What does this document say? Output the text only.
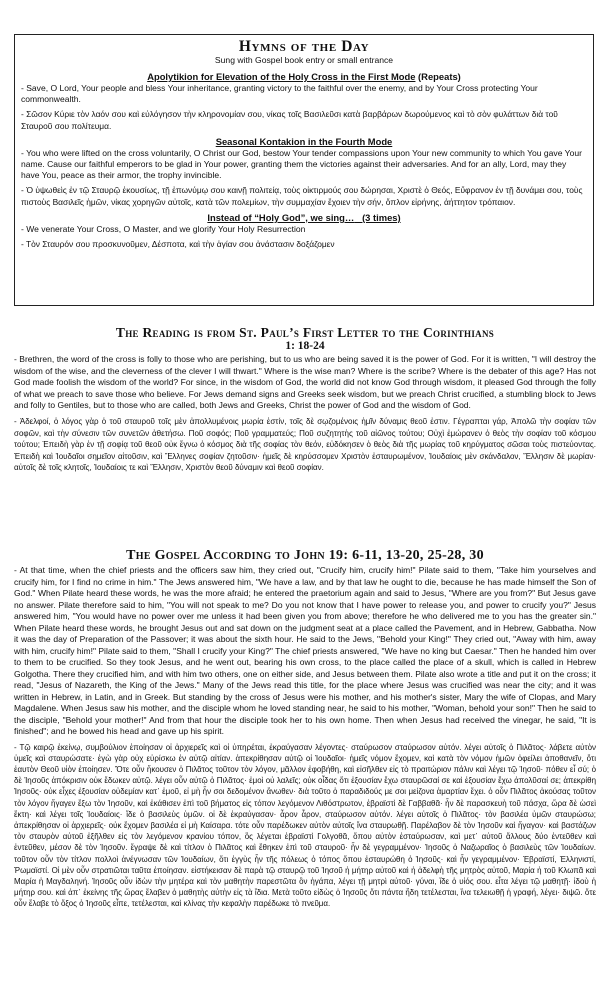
Hymns of the Day
Sung with Gospel book entry or small entrance
Apolytikion for Elevation of the Holy Cross in the First Mode (Repeats)

- Save, O Lord, Your people and bless Your inheritance, granting victory to the faithful over the enemy, and by Your Cross protecting Your commonwealth.

- Σῶσον Κύριε τὸν λαόν σου καὶ εὐλόγησον τὴν κληρονομίαν σου, νίκας τοῖς Βασιλεῦσι κατὰ βαρβάρων δωρούμενος καὶ τὸ σὸν φυλάττων διὰ τοῦ Σταυροῦ σου πολίτευμα.

Seasonal Kontakion in the Fourth Mode

- You who were lifted on the cross voluntarily, O Christ our God, bestow Your tender compassions upon Your new community to which You gave Your name. Cause our faithful emperors to be glad in Your power, granting them the victories against their adversaries. And for an ally, Lord, may they have You, peace as their armor, the trophy invincible.

- Ὁ ὑψωθεὶς ἐν τῷ Σταυρῷ ἑκουσίως, τῇ ἐπωνύμῳ σου καινῇ πολιτείᾳ, τοὺς οἰκτιρμούς σου δώρησαι, Χριστὲ ὁ Θεός, Εὔφρανον ἐν τῇ δυνάμει σου, τοὺς πιστοὺς Βασιλεῖς ἡμῶν, νίκας χορηγῶν αὐτοῖς, κατὰ τῶν πολεμίων, τὴν συμμαχίαν ἔχοιεν τὴν σήν, ὅπλον εἰρήνης, ἀήττητον τρόπαιον.

Instead of “Holy God”, we sing…   (3 times)

- We venerate Your Cross, O Master, and we glorify Your Holy Resurrection

- Τὸν Σταυρόν σου προσκυνοῦμεν, Δέσποτα, καὶ τὴν ἁγίαν σου ἀνάστασιν δοξάζομεν

The Reading is from St. Paul’s First Letter to the Corinthians
1: 18-24

- Brethren, the word of the cross is folly to those who are perishing, but to us who are being saved it is the power of God. For it is written, "I will destroy the wisdom of the wise, and the cleverness of the clever I will thwart." Where is the wise man? Where is the scribe? Where is the debater of this age? Has not God made foolish the wisdom of the world? For since, in the wisdom of God, the world did not know God through wisdom, it pleased God through the folly of what we preach to save those who believe. For Jews demand signs and Greeks seek wisdom, but we preach Christ crucified, a stumbling block to Jews and folly to Gentiles, but to those who are called, both Jews and Greeks, Christ the power of God and the wisdom of God.

- Ἀδελφοί, ὁ λόγος γὰρ ὁ τοῦ σταυροῦ τοῖς μὲν ἀπολλυμένοις μωρία ἐστίν, τοῖς δὲ σῳζομένοις ἡμῖν δύναμις θεοῦ ἐστιν. Γέγραπται γάρ, Ἀπολῶ τὴν σοφίαν τῶν σοφῶν, καὶ τὴν σύνεσιν τῶν συνετῶν ἀθετήσω. Ποῦ σοφός; Ποῦ γραμματεύς; Ποῦ συζητητὴς τοῦ αἰῶνος τούτου; Οὐχὶ ἐμώρανεν ὁ θεὸς τὴν σοφίαν τοῦ κόσμου τούτου; Ἐπειδὴ γὰρ ἐν τῇ σοφίᾳ τοῦ θεοῦ οὐκ ἔγνω ὁ κόσμος διὰ τῆς σοφίας τὸν θεόν, εὐδόκησεν ὁ θεὸς διὰ τῆς μωρίας τοῦ κηρύγματος σῶσαι τοὺς πιστεύοντας. Ἐπειδὴ καὶ Ἰουδαῖοι σημεῖον αἰτοῦσιν, καὶ Ἕλληνες σοφίαν ζητοῦσιν· ἡμεῖς δὲ κηρύσσομεν Χριστὸν ἐσταυρωμένον, Ἰουδαίοις μὲν σκάνδαλον, Ἕλλησιν δὲ μωρίαν· αὐτοῖς δὲ τοῖς κλητοῖς, Ἰουδαίοις τε καὶ Ἕλλησιν, Χριστὸν θεοῦ δύναμιν καὶ θεοῦ σοφίαν.

The Gospel According to John 19: 6-11, 13-20, 25-28, 30

- At that time, when the chief priests and the officers saw him, they cried out, "Crucify him, crucify him!" Pilate said to them, "Take him yourselves and crucify him, for I find no crime in him." The Jews answered him, "We have a law, and by that law he ought to die, because he has made himself the Son of God." When Pilate heard these words, he was the more afraid; he entered the praetorium again and said to Jesus, "Where are you from?" But Jesus gave no answer. Pilate therefore said to him, "You will not speak to me? Do you not know that I have power to release you, and power to crucify you?" Jesus answered him, "You would have no power over me unless it had been given you from above; therefore he who delivered me to you has the greater sin." When Pilate heard these words, he brought Jesus out and sat down on the judgment seat at a place called the Pavement, and in Hebrew, Gabbatha. Now it was the day of Preparation of the Passover; it was about the sixth hour. He said to the Jews, "Behold your King!" They cried out, "Away with him, away with him, crucify him!" Pilate said to them, "Shall I crucify your King?" The chief priests answered, "We have no king but Caesar." Then he handed him over to them to be crucified. So they took Jesus, and he went out, bearing his own cross, to the place called the place of a skull, which is called in Hebrew Golgotha. There they crucified him, and with him two others, one on either side, and Jesus between them. Pilate also wrote a title and put it on the cross; it read, "Jesus of Nazareth, the King of the Jews." Many of the Jews read this title, for the place where Jesus was crucified was near the city; and it was written in Hebrew, in Latin, and in Greek. But standing by the cross of Jesus were his mother, and his mother's sister, Mary the wife of Clopas, and Mary Magdalene. When Jesus saw his mother, and the disciple whom he loved standing near, he said to his mother, "Woman, behold your son!" Then he said to the disciple, "Behold your mother!" And from that hour the disciple took her to his own home. Then when Jesus had received the vinegar, he said, "It is finished"; and he bowed his head and gave up his spirit.

- Τῷ καιρῷ ἐκείνῳ, συμβούλιον ἐποίησαν οἱ ἀρχιερεῖς καὶ οἱ ὑπηρέται, ἐκραύγασαν λέγοντες· σταύρωσον σταύρωσον αὐτόν. λέγει αὐτοῖς ὁ Πιλᾶτος· λάβετε αὐτὸν ὑμεῖς καὶ σταυρώσατε· ἐγὼ γὰρ οὐχ εὑρίσκω ἐν αὐτῷ αἰτίαν. ἀπεκρίθησαν αὐτῷ οἱ Ἰουδαῖοι· ἡμεῖς νόμον ἔχομεν, καὶ κατὰ τὸν νόμον ἡμῶν ὀφείλει ἀποθανεῖν, ὅτι ἑαυτὸν Θεοῦ υἱὸν ἐποίησεν. Ὅτε οὖν ἤκουσεν ὁ Πιλᾶτος τοῦτον τὸν λόγον, μᾶλλον ἐφοβήθη, καὶ εἰσῆλθεν εἰς τὸ πραιτώριον πάλιν καὶ λέγει τῷ Ἰησοῦ· πόθεν εἶ σύ; ὁ δὲ Ἰησοῦς ἀπόκρισιν οὐκ ἔδωκεν αὐτῷ. λέγει οὖν αὐτῷ ὁ Πιλᾶτος· ἐμοὶ οὐ λαλεῖς; οὐκ οἶδας ὅτι ἐξουσίαν ἔχω σταυρῶσαί σε καὶ ἐξουσίαν ἔχω ἀπολῦσαί σε; ἀπεκρίθη Ἰησοῦς· οὐκ εἶχες ἐξουσίαν οὐδεμίαν κατ᾿ ἐμοῦ, εἰ μὴ ἦν σοι δεδομένον ἄνωθεν· διὰ τοῦτο ὁ παραδιδούς με σοι μείζονα ἁμαρτίαν ἔχει. ὁ οὖν Πιλᾶτος ἀκούσας τοῦτον τὸν λόγον ἤγαγεν ἔξω τὸν Ἰησοῦν, καὶ ἐκάθισεν ἐπὶ τοῦ βήματος εἰς τόπον λεγόμενον Λιθόστρωτον, ἑβραϊστὶ δὲ Γαββαθᾶ· ἦν δὲ παρασκευὴ τοῦ πάσχα, ὥρα δὲ ὡσεὶ ἕκτη· καὶ λέγει τοῖς Ἰουδαίοις· ἴδε ὁ βασιλεὺς ὑμῶν. οἱ δὲ ἐκραύγασαν· ἆρον ἆρον, σταύρωσον αὐτόν. λέγει αὐτοῖς ὁ Πιλᾶτος· τὸν βασιλέα ὑμῶν σταυρώσω; ἀπεκρίθησαν οἱ ἀρχιερεῖς· οὐκ ἔχομεν βασιλέα εἰ μὴ Καίσαρα. τότε οὖν παρέδωκεν αὐτὸν αὐτοῖς ἵνα σταυρωθῇ. Παρέλαβον δὲ τὸν Ἰησοῦν καὶ ἤγαγον· καὶ βαστάζων τὸν σταυρὸν αὐτοῦ ἐξῆλθεν εἰς τὸν λεγόμενον κρανίου τόπον, ὃς λέγεται ἑβραϊστὶ Γολγοθᾶ, ὅπου αὐτὸν ἐσταύρωσαν, καὶ μετ᾿ αὐτοῦ ἄλλους δύο ἐντεῦθεν καὶ ἐντεῦθεν, μέσον δὲ τὸν Ἰησοῦν. ἔγραψε δὲ καὶ τίτλον ὁ Πιλᾶτος καὶ ἔθηκεν ἐπὶ τοῦ σταυροῦ· ἦν δὲ γεγραμμένον· Ἰησοῦς ὁ Ναζωραῖος ὁ βασιλεὺς τῶν Ἰουδαίων. τοῦτον οὖν τὸν τίτλον πολλοὶ ἀνέγνωσαν τῶν Ἰουδαίων, ὅτι ἐγγὺς ἦν τῆς πόλεως ὁ τόπος ὅπου ἐσταυρώθη ὁ Ἰησοῦς· καὶ ἦν γεγραμμένον· Ἑβραϊστί, Ἑλληνιστί, Ῥωμαϊστί. Οἱ μὲν οὖν στρατιῶται ταῦτα ἐποίησαν. εἱστήκεισαν δὲ παρὰ τῷ σταυρῷ τοῦ Ἰησοῦ ἡ μήτηρ αὐτοῦ καὶ ἡ ἀδελφὴ τῆς μητρὸς αὐτοῦ, Μαρία ἡ τοῦ Κλωπᾶ καὶ Μαρία ἡ Μαγδαληνή. Ἰησοῦς οὖν ἰδὼν τὴν μητέρα καὶ τὸν μαθητὴν παρεστῶτα ὃν ἠγάπα, λέγει τῇ μητρὶ αὐτοῦ· γύναι, ἴδε ὁ υἱός σου. εἶτα λέγει τῷ μαθητῇ· ἰδοὺ ἡ μήτηρ σου. καὶ ἀπ᾿ ἐκείνης τῆς ὥρας ἔλαβεν ὁ μαθητὴς αὐτὴν εἰς τὰ ἴδια. Μετὰ τοῦτο εἰδὼς ὁ Ἰησοῦς ὅτι πάντα ἤδη τετέλεσται, ἵνα τελειωθῇ ἡ γραφή, λέγει· διψῶ. ὅτε οὖν ἔλαβε τὸ ὄξος ὁ Ἰησοῦς εἶπε, τετέλεσται, καὶ κλίνας τὴν κεφαλὴν παρέδωκε τὸ πνεῦμα.
